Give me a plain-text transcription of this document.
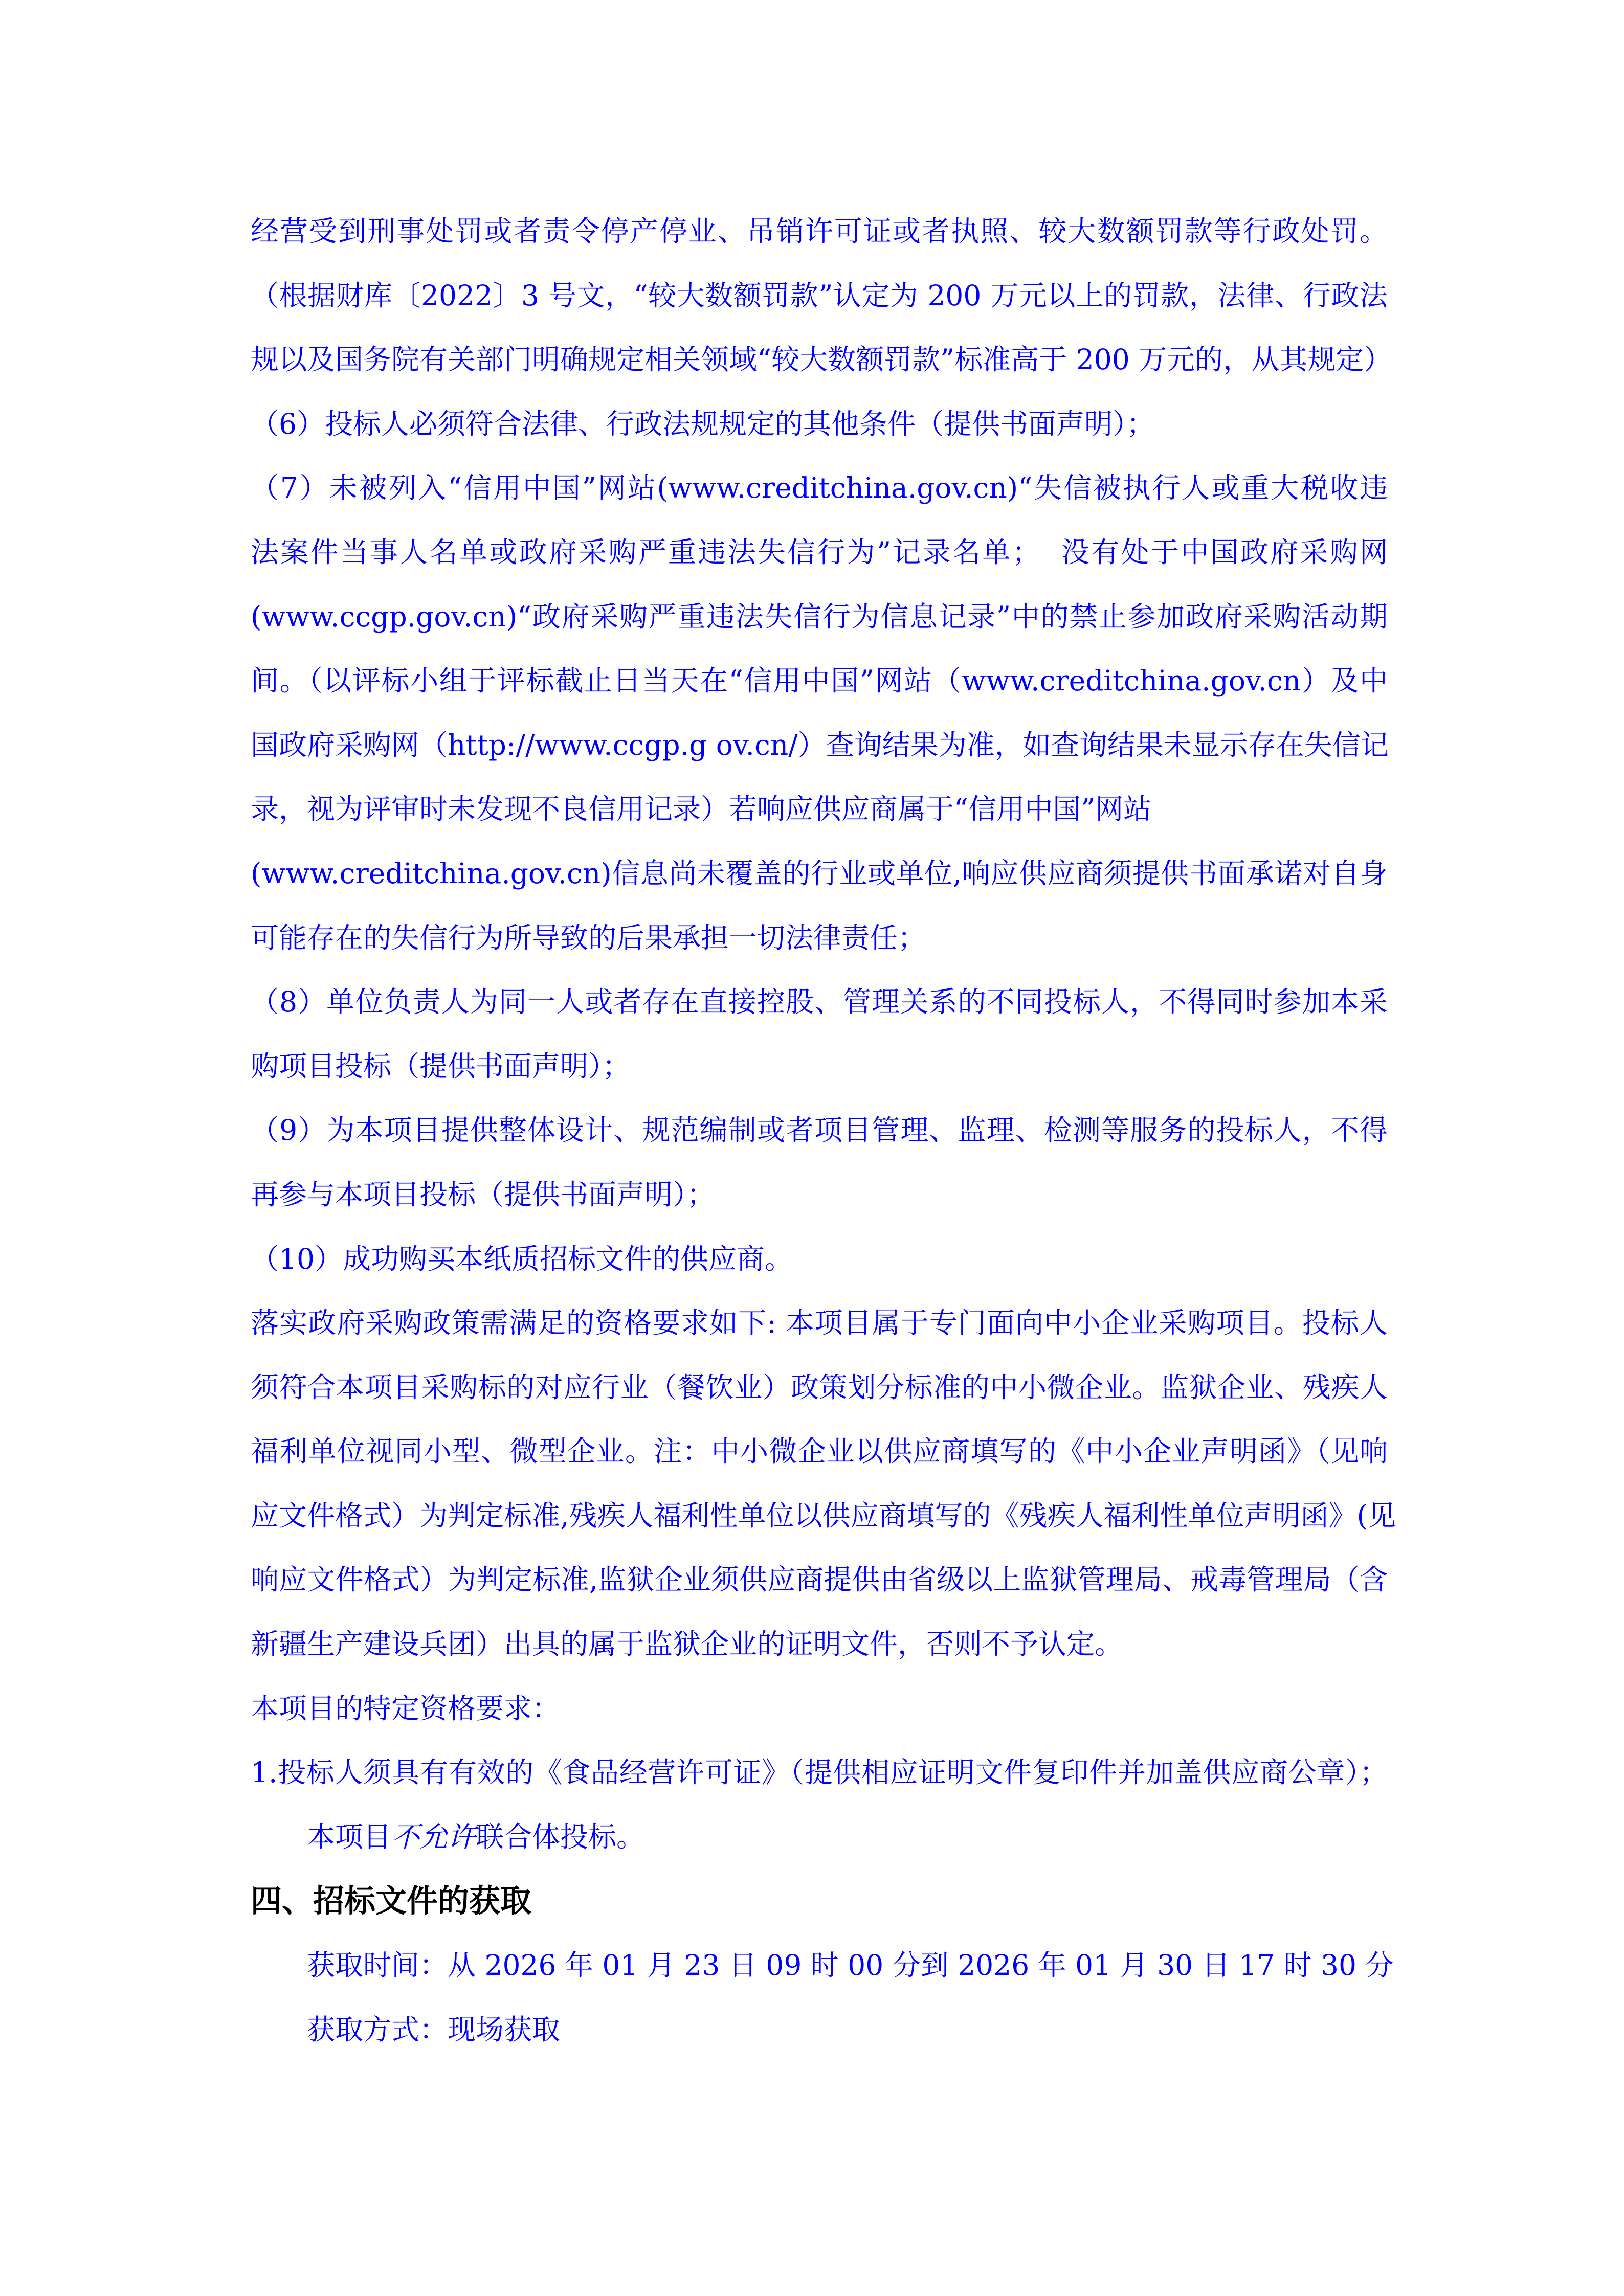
经营受到刑事处罚或者责令停产停业、吊销许可证或者执照、较大数额罚款等行政处罚。
（根据财库〔2022〕3 号文，“较大数额罚款”认定为 200 万元以上的罚款，法律、行政法
规以及国务院有关部门明确规定相关领域“较大数额罚款”标准高于 200 万元的，从其规定）
（6）投标人必须符合法律、行政法规规定的其他条件（提供书面声明）；
（7）未被列入“信用中国”网站(www.creditchina.gov.cn)“失信被执行人或重大税收违
法案件当事人名单或政府采购严重违法失信行为”记录名单；  没有处于中国政府采购网
(www.ccgp.gov.cn)“政府采购严重违法失信行为信息记录”中的禁止参加政府采购活动期
间。（以评标小组于评标截止日当天在“信用中国”网站（www.creditchina.gov.cn）及中
国政府采购网（http://www.ccgp.g ov.cn/）查询结果为准，如查询结果未显示存在失信记
录，视为评审时未发现不良信用记录）若响应供应商属于“信用中国”网站
(www.creditchina.gov.cn)信息尚未覆盖的行业或单位,响应供应商须提供书面承诺对自身
可能存在的失信行为所导致的后果承担一切法律责任；
（8）单位负责人为同一人或者存在直接控股、管理关系的不同投标人，不得同时参加本采
购项目投标（提供书面声明）；
（9）为本项目提供整体设计、规范编制或者项目管理、监理、检测等服务的投标人，不得
再参与本项目投标（提供书面声明）；
（10）成功购买本纸质招标文件的供应商。
落实政府采购政策需满足的资格要求如下: 本项目属于专门面向中小企业采购项目。投标人
须符合本项目采购标的对应行业（餐饮业）政策划分标准的中小微企业。监狱企业、残疾人
福利单位视同小型、微型企业。注：中小微企业以供应商填写的《中小企业声明函》（见响
应文件格式）为判定标准,残疾人福利性单位以供应商填写的《残疾人福利性单位声明函》(见
响应文件格式）为判定标准,监狱企业须供应商提供由省级以上监狱管理局、戒毒管理局（含
新疆生产建设兵团）出具的属于监狱企业的证明文件，否则不予认定。
本项目的特定资格要求：
1.投标人须具有有效的《食品经营许可证》（提供相应证明文件复印件并加盖供应商公章）；
本项目不允许联合体投标。
四、招标文件的获取
获取时间：从 2026 年 01 月 23 日 09 时 00 分到 2026 年 01 月 30 日 17 时 30 分
获取方式：现场获取
